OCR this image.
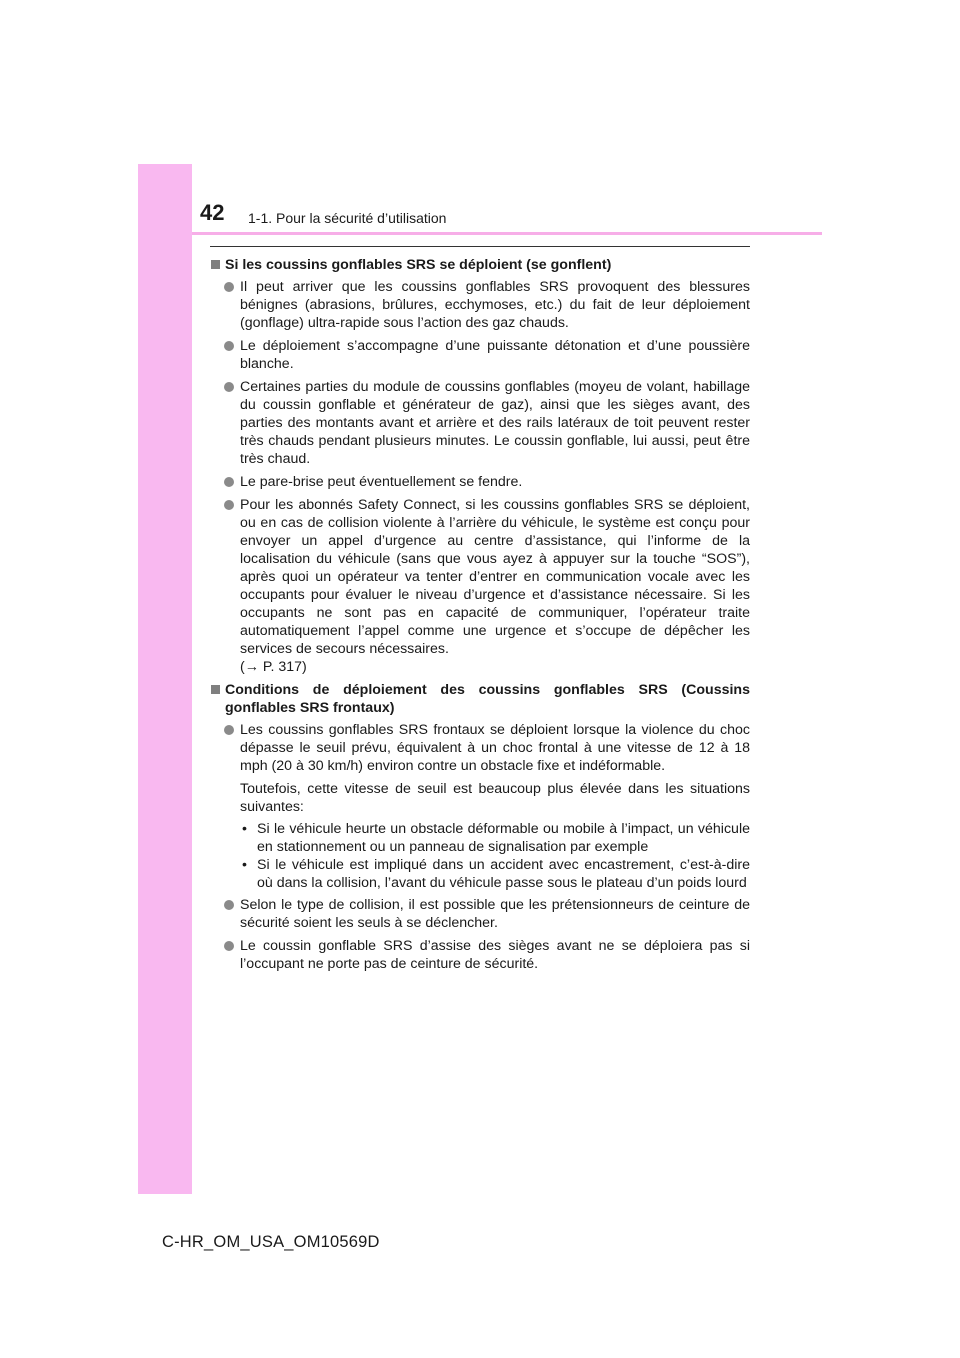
42 1-1. Pour la sécurité d’utilisation
Si les coussins gonflables SRS se déploient (se gonflent)
Il peut arriver que les coussins gonflables SRS provoquent des blessures bénignes (abrasions, brûlures, ecchymoses, etc.) du fait de leur déploiement (gonflage) ultra-rapide sous l’action des gaz chauds.
Le déploiement s’accompagne d’une puissante détonation et d’une poussière blanche.
Certaines parties du module de coussins gonflables (moyeu de volant, habillage du coussin gonflable et générateur de gaz), ainsi que les sièges avant, des parties des montants avant et arrière et des rails latéraux de toit peuvent rester très chauds pendant plusieurs minutes. Le coussin gonflable, lui aussi, peut être très chaud.
Le pare-brise peut éventuellement se fendre.
Pour les abonnés Safety Connect, si les coussins gonflables SRS se déploient, ou en cas de collision violente à l’arrière du véhicule, le système est conçu pour envoyer un appel d’urgence au centre d’assistance, qui l’informe de la localisation du véhicule (sans que vous ayez à appuyer sur la touche “SOS”), après quoi un opérateur va tenter d’entrer en communication vocale avec les occupants pour évaluer le niveau d’urgence et d’assistance nécessaire. Si les occupants ne sont pas en capacité de communiquer, l’opérateur traite automatiquement l’appel comme une urgence et s’occupe de dépêcher les services de secours nécessaires.
(→ P. 317)
Conditions de déploiement des coussins gonflables SRS (Coussins gonflables SRS frontaux)
Les coussins gonflables SRS frontaux se déploient lorsque la violence du choc dépasse le seuil prévu, équivalent à un choc frontal à une vitesse de 12 à 18 mph (20 à 30 km/h) environ contre un obstacle fixe et indéformable.
Toutefois, cette vitesse de seuil est beaucoup plus élevée dans les situations suivantes:
• Si le véhicule heurte un obstacle déformable ou mobile à l’impact, un véhicule en stationnement ou un panneau de signalisation par exemple
• Si le véhicule est impliqué dans un accident avec encastrement, c’est-à-dire où dans la collision, l’avant du véhicule passe sous le plateau d’un poids lourd
Selon le type de collision, il est possible que les prétensionneurs de ceinture de sécurité soient les seuls à se déclencher.
Le coussin gonflable SRS d’assise des sièges avant ne se déploiera pas si l’occupant ne porte pas de ceinture de sécurité.
C-HR_OM_USA_OM10569D
